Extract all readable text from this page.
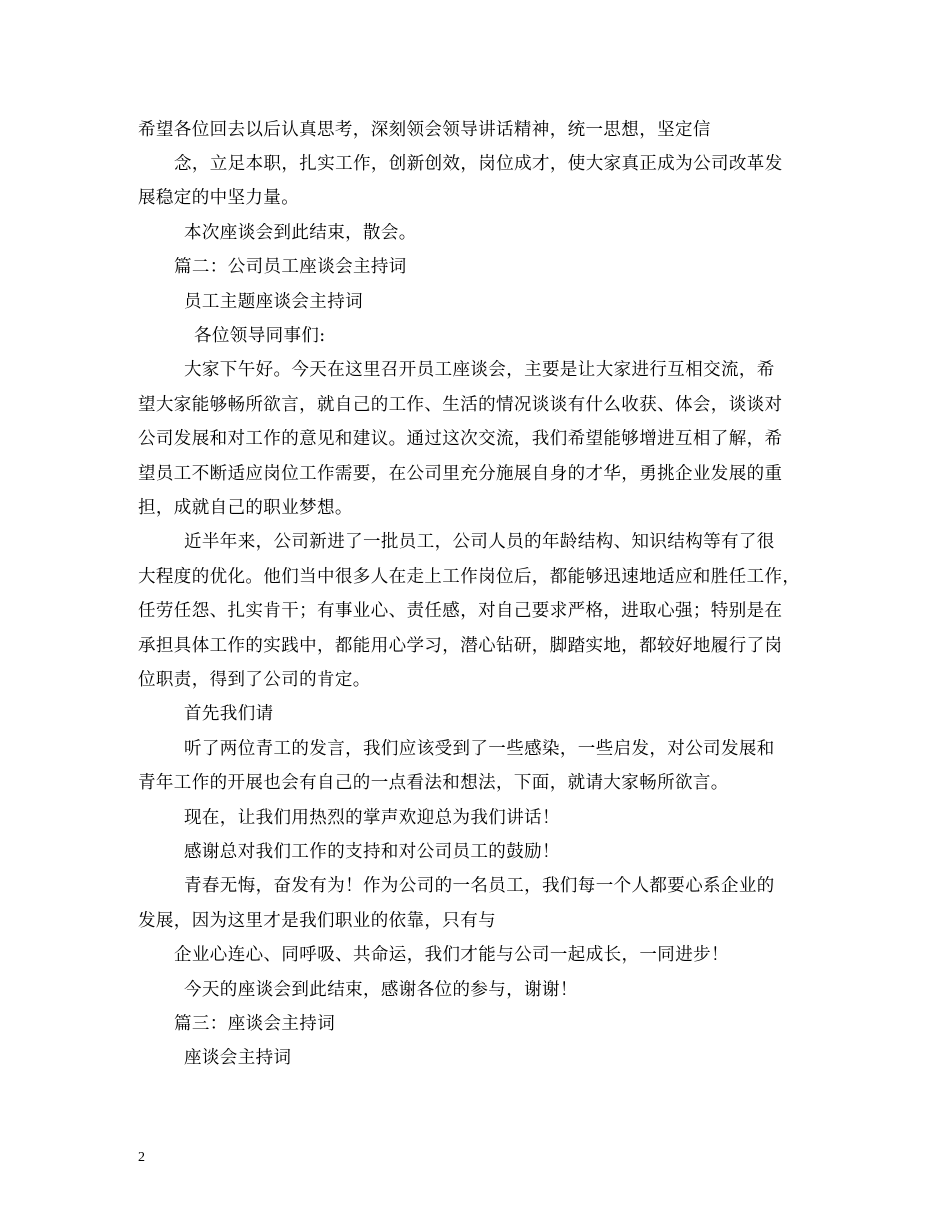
希望各位回去以后认真思考，深刻领会领导讲话精神，统一思想，坚定信

念，立足本职，扎实工作，创新创效，岗位成才，使大家真正成为公司改革发

展稳定的中坚力量。

本次座谈会到此结束，散会。

篇二：公司员工座谈会主持词

员工主题座谈会主持词

各位领导同事们:

大家下午好。今天在这里召开员工座谈会，主要是让大家进行互相交流，希

望大家能够畅所欲言，就自己的工作、生活的情况谈谈有什么收获、体会，谈谈对

公司发展和对工作的意见和建议。通过这次交流，我们希望能够增进互相了解，希

望员工不断适应岗位工作需要，在公司里充分施展自身的才华，勇挑企业发展的重

担，成就自己的职业梦想。

近半年来，公司新进了一批员工，公司人员的年龄结构、知识结构等有了很

大程度的优化。他们当中很多人在走上工作岗位后，都能够迅速地适应和胜任工作，

任劳任怨、扎实肯干；有事业心、责任感，对自己要求严格，进取心强；特别是在

承担具体工作的实践中，都能用心学习，潜心钻研，脚踏实地，都较好地履行了岗

位职责，得到了公司的肯定。

首先我们请

听了两位青工的发言，我们应该受到了一些感染，一些启发，对公司发展和

青年工作的开展也会有自己的一点看法和想法，下面，就请大家畅所欲言。

现在，让我们用热烈的掌声欢迎总为我们讲话！

感谢总对我们工作的支持和对公司员工的鼓励！

青春无悔，奋发有为！作为公司的一名员工，我们每一个人都要心系企业的

发展，因为这里才是我们职业的依靠，只有与

企业心连心、同呼吸、共命运，我们才能与公司一起成长，一同进步！

今天的座谈会到此结束，感谢各位的参与，谢谢！

篇三：座谈会主持词

座谈会主持词

2
